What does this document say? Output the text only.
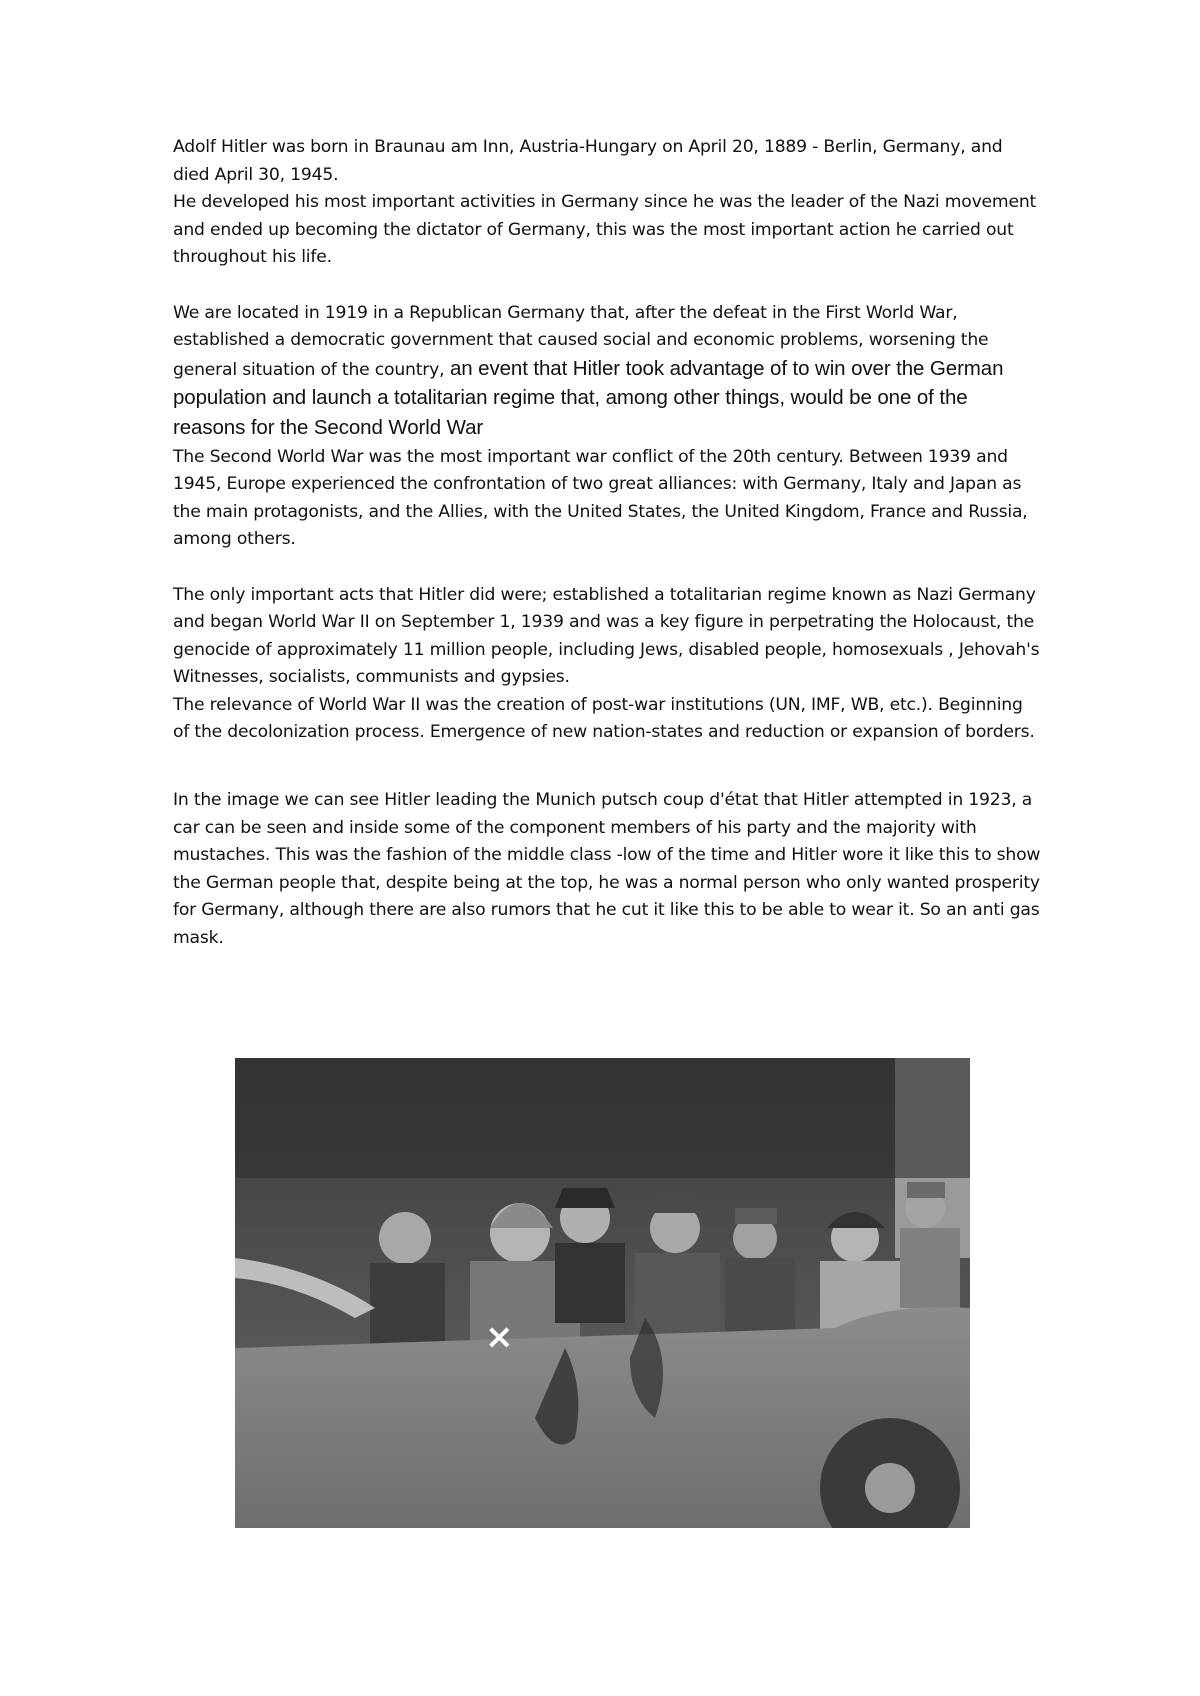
Adolf Hitler was born in Braunau am Inn, Austria-Hungary on April 20, 1889 - Berlin, Germany, and died April 30, 1945.

He developed his most important activities in Germany since he was the leader of the Nazi movement and ended up becoming the dictator of Germany, this was the most important action he carried out throughout his life.

We are located in 1919 in a Republican Germany that, after the defeat in the First World War, established a democratic government that caused social and economic problems, worsening the general situation of the country, an event that Hitler took advantage of to win over the German population and launch a totalitarian regime that, among other things, would be one of the reasons for the Second World War

The Second World War was the most important war conflict of the 20th century. Between 1939 and 1945, Europe experienced the confrontation of two great alliances: with Germany, Italy and Japan as the main protagonists, and the Allies, with the United States, the United Kingdom, France and Russia, among others.

The only important acts that Hitler did were; established a totalitarian regime known as Nazi Germany and began World War II on September 1, 1939 and was a key figure in perpetrating the Holocaust, the genocide of approximately 11 million people, including Jews, disabled people, homosexuals , Jehovah's Witnesses, socialists, communists and gypsies.

The relevance of World War II was the creation of post-war institutions (UN, IMF, WB, etc.). Beginning of the decolonization process. Emergence of new nation-states and reduction or expansion of borders.

In the image we can see Hitler leading the Munich putsch coup d'état that Hitler attempted in 1923, a car can be seen and inside some of the component members of his party and the majority with mustaches. This was the fashion of the middle class -low of the time and Hitler wore it like this to show the German people that, despite being at the top, he was a normal person who only wanted prosperity for Germany, although there are also rumors that he cut it like this to be able to wear it. So an anti gas mask.

×
